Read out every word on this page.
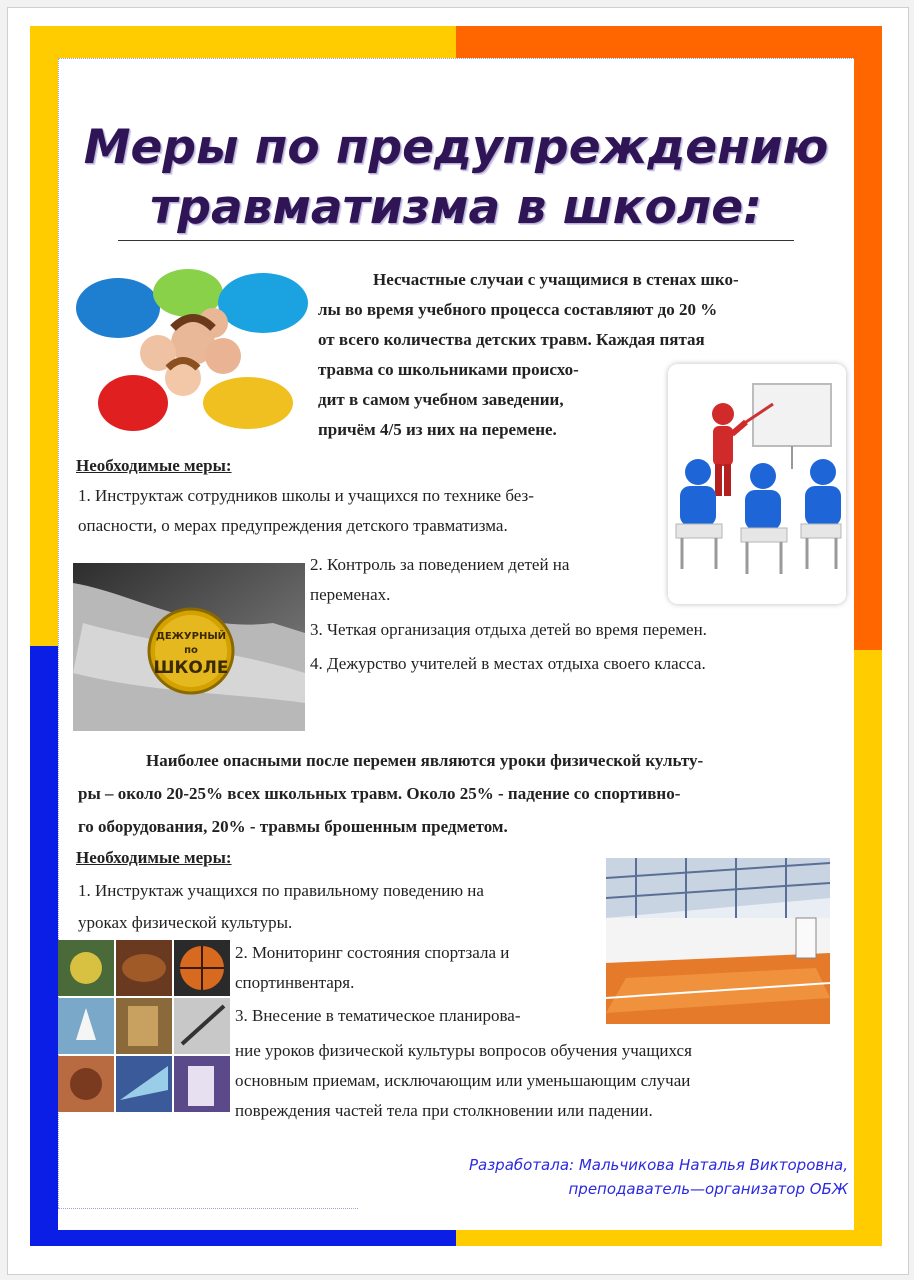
Меры по предупреждению
травматизма в школе:
Несчастные случаи с учащимися в стенах шко-
лы во время учебного процесса составляют до 20 %
от всего количества детских травм. Каждая пятая
травма со школьниками происхо-
дит в самом учебном заведении,
причём 4/5 из них на перемене.
Необходимые меры:
1. Инструктаж сотрудников школы и учащихся по технике без-
опасности, о мерах предупреждения детского травматизма.
ДЕЖУРНЫЙ
по
ШКОЛЕ
2. Контроль за поведением детей на
переменах.
3. Четкая организация отдыха детей во время перемен.
4. Дежурство учителей в местах отдыха своего класса.
Наиболее опасными после перемен являются уроки физической культу-
ры – около 20-25% всех школьных травм. Около 25% - падение со спортивно-
го оборудования, 20% - травмы брошенным предметом.
Необходимые меры:
1. Инструктаж учащихся по правильному поведению на
уроках физической культуры.
2. Мониторинг состояния спортзала и
спортинвентаря.
3. Внесение в тематическое планирова-
ние уроков физической культуры вопросов обучения учащихся
основным приемам, исключающим или уменьшающим случаи
повреждения частей тела при столкновении или падении.
Разработала: Мальчикова Наталья Викторовна,
преподаватель—организатор ОБЖ
